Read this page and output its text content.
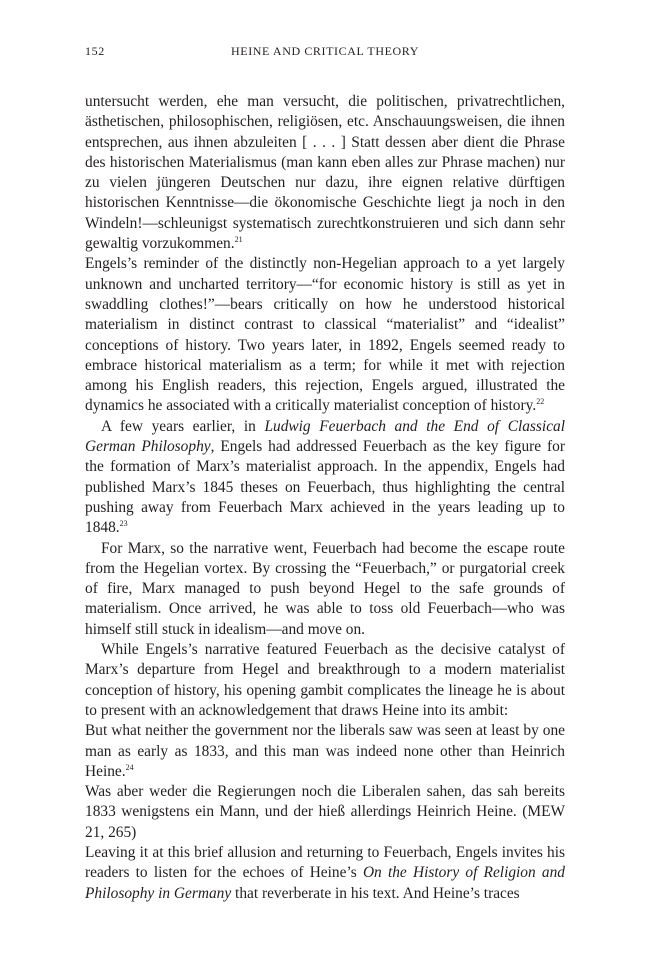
152	HEINE AND CRITICAL THEORY

untersucht werden, ehe man versucht, die politischen, privatrechtlichen, ästhetischen, philosophischen, religiösen, etc. Anschauungsweisen, die ihnen entsprechen, aus ihnen abzuleiten [ . . . ] Statt dessen aber dient die Phrase des historischen Materialismus (man kann eben alles zur Phrase machen) nur zu vielen jüngeren Deutschen nur dazu, ihre eignen relative dürftigen historischen Kenntnisse—die ökonomische Geschichte liegt ja noch in den Windeln!—schleunigst systematisch zurechtkonstruieren und sich dann sehr gewaltig vorzukommen.$^{21}$

Engels’s reminder of the distinctly non-Hegelian approach to a yet largely unknown and uncharted territory—“for economic history is still as yet in swaddling clothes!”—bears critically on how he understood historical materialism in distinct contrast to classical “materialist” and “idealist” conceptions of history. Two years later, in 1892, Engels seemed ready to embrace historical materialism as a term; for while it met with rejection among his English readers, this rejection, Engels argued, illustrated the dynamics he associated with a critically materialist conception of history.$^{22}$

A few years earlier, in Ludwig Feuerbach and the End of Classical German Philosophy, Engels had addressed Feuerbach as the key figure for the formation of Marx’s materialist approach. In the appendix, Engels had published Marx’s 1845 theses on Feuerbach, thus highlighting the central pushing away from Feuerbach Marx achieved in the years leading up to 1848.23

For Marx, so the narrative went, Feuerbach had become the escape route from the Hegelian vortex. By crossing the “Feuerbach,” or purgatorial creek of fire, Marx managed to push beyond Hegel to the safe grounds of materialism. Once arrived, he was able to toss old Feuerbach—who was himself still stuck in idealism—and move on.

While Engels’s narrative featured Feuerbach as the decisive catalyst of Marx’s departure from Hegel and breakthrough to a modern materialist conception of history, his opening gambit complicates the lineage he is about to present with an acknowledgement that draws Heine into its ambit:

But what neither the government nor the liberals saw was seen at least by one man as early as 1833, and this man was indeed none other than Heinrich Heine.$^{24}$

Was aber weder die Regierungen noch die Liberalen sahen, das sah bereits 1833 wenigstens ein Mann, und der hieß allerdings Heinrich Heine. (MEW 21, 265)

Leaving it at this brief allusion and returning to Feuerbach, Engels invites his readers to listen for the echoes of Heine’s On the History of Religion and Philosophy in Germany that reverberate in his text. And Heine’s traces
